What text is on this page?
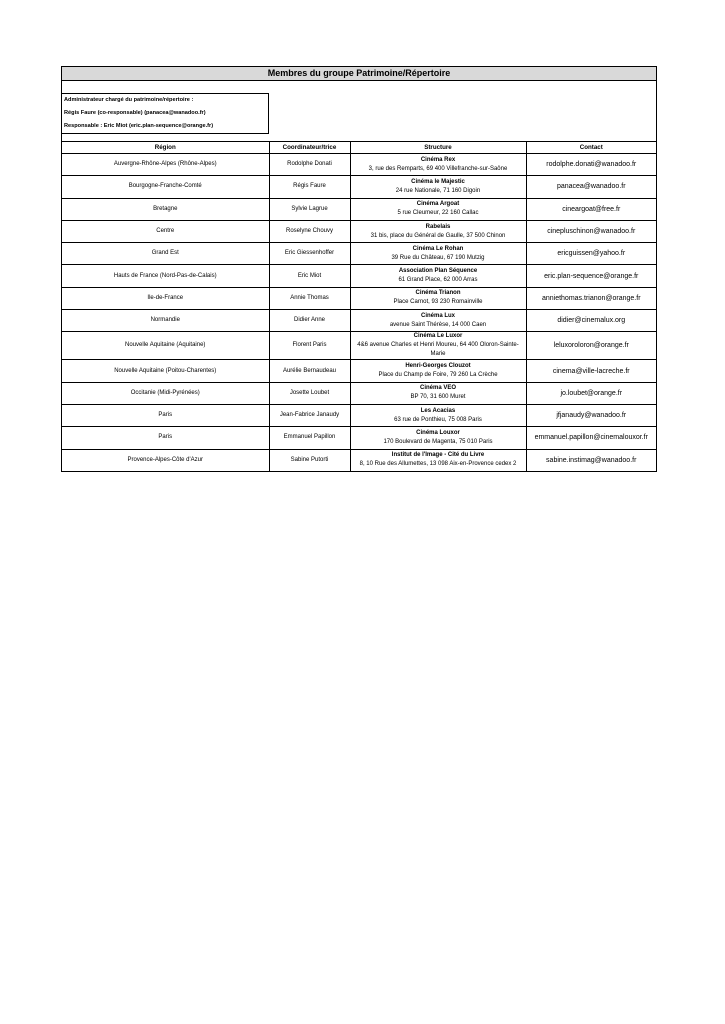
Membres du groupe Patrimoine/Répertoire
Administrateur chargé du patrimoine/répertoire :
Régis Faure (co-responsable) (panacea@wanadoo.fr)
Responsable : Eric Miot (eric.plan-sequence@orange.fr)
Région	Coordinateur/trice	Structure	Contact
Auvergne-Rhône-Alpes (Rhône-Alpes)	Rodolphe Donati	Cinéma Rex
3, rue des Remparts, 69 400 Villefranche-sur-Saône	rodolphe.donati@wanadoo.fr
Bourgogne-Franche-Comté	Régis Faure	Cinéma le Majestic
24 rue Nationale, 71 160 Digoin	panacea@wanadoo.fr
Bretagne	Sylvie Lagrue	Cinéma Argoat
5 rue Cleumeur, 22 160 Callac	cineargoat@free.fr
Centre	Roselyne Chouvy	Rabelais
31 bis, place du Général de Gaulle, 37 500 Chinon	cinepluschinon@wanadoo.fr
Grand Est	Eric Giessenhoffer	Cinéma Le Rohan
39 Rue du Château, 67 190 Mutzig	ericguissen@yahoo.fr
Hauts de France (Nord-Pas-de-Calais)	Eric Miot	Association Plan Séquence
61 Grand Place, 62 000 Arras	eric.plan-sequence@orange.fr
Ile-de-France	Annie Thomas	Cinéma Trianon
Place Carnot, 93 230 Romainville	anniethomas.trianon@orange.fr
Normandie	Didier Anne	Cinéma Lux
avenue Saint Thérèse, 14 000 Caen	didier@cinemalux.org
Nouvelle Aquitaine (Aquitaine)	Florent Paris	Cinéma Le Luxor
4&6 avenue Charles et Henri Moureu, 64 400 Oloron-Sainte-Marie	leluxoroloron@orange.fr
Nouvelle Aquitaine (Poitou-Charentes)	Aurélie Bernaudeau	Henri-Georges Clouzot
Place du Champ de Foire, 79 260 La Crèche	cinema@ville-lacreche.fr
Occitanie (Midi-Pyrénées)	Josette Loubet	Cinéma VEO
BP 70, 31 600 Muret	jo.loubet@orange.fr
Paris	Jean-Fabrice Janaudy	Les Acacias
63 rue de Ponthieu, 75 008 Paris	jfjanaudy@wanadoo.fr
Paris	Emmanuel Papillon	Cinéma Louxor
170 Boulevard de Magenta, 75 010 Paris	emmanuel.papillon@cinemalouxor.fr
Provence-Alpes-Côte d'Azur	Sabine Putorti	Institut de l'Image - Cité du Livre
8, 10 Rue des Allumettes, 13 098 Aix-en-Provence cedex 2	sabine.instimag@wanadoo.fr
